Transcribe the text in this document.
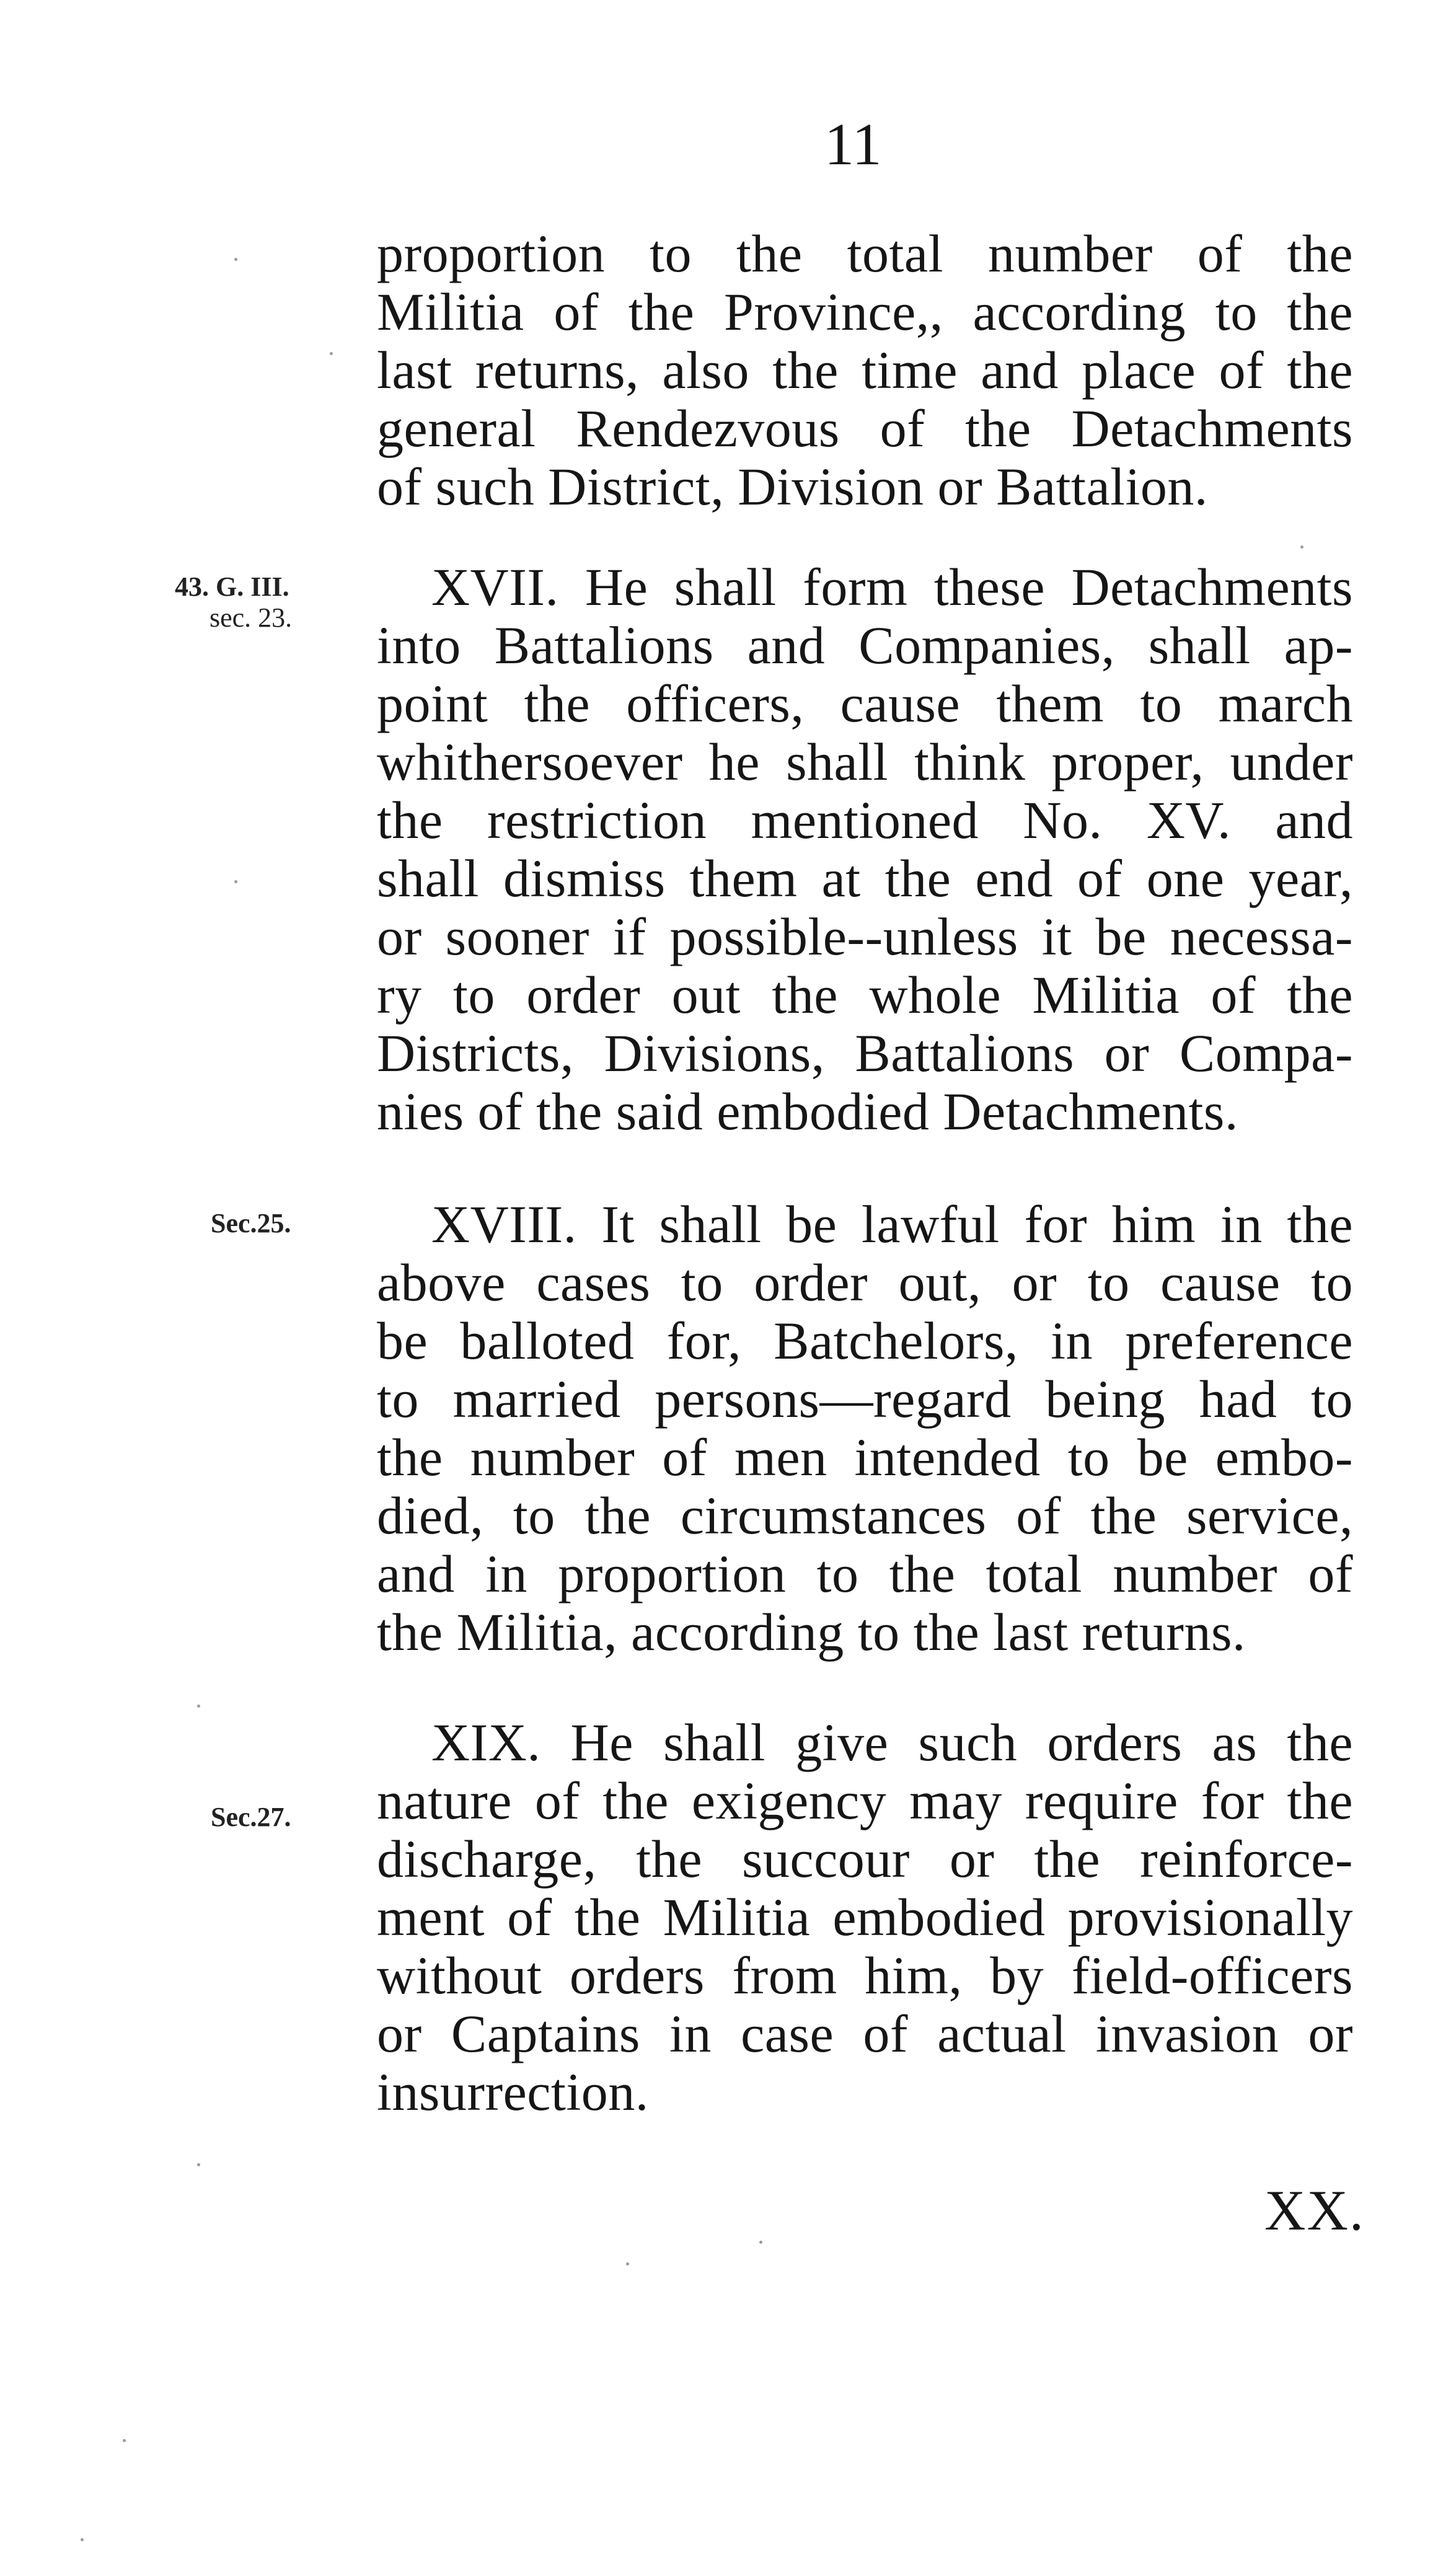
11
proportion to the total number of the
Militia of the Province,, according to the
last returns, also the time and place of the
general Rendezvous of the Detachments
of such District, Division or Battalion.
43. G. III.
sec. 23.
XVII. He shall form these Detachments
into Battalions and Companies, shall ap-
point the officers, cause them to march
whithersoever he shall think proper, under
the restriction mentioned No. XV. and
shall dismiss them at the end of one year,
or sooner if possible--unless it be necessa-
ry to order out the whole Militia of the
Districts, Divisions, Battalions or Compa-
nies of the said embodied Detachments.
Sec.25.	XVIII. It shall be lawful for him in the
above cases to order out, or to cause to
be balloted for, Batchelors, in preference
to married persons—regard being had to
the number of men intended to be embo-
died, to the circumstances of the service,
and in proportion to the total number of
the Militia, according to the last returns.
Sec.27.
XIX. He shall give such orders as the
nature of the exigency may require for the
discharge, the succour or the reinforce-
ment of the Militia embodied provisionally
without orders from him, by field-officers
or Captains in case of actual invasion or
insurrection.
XX.
